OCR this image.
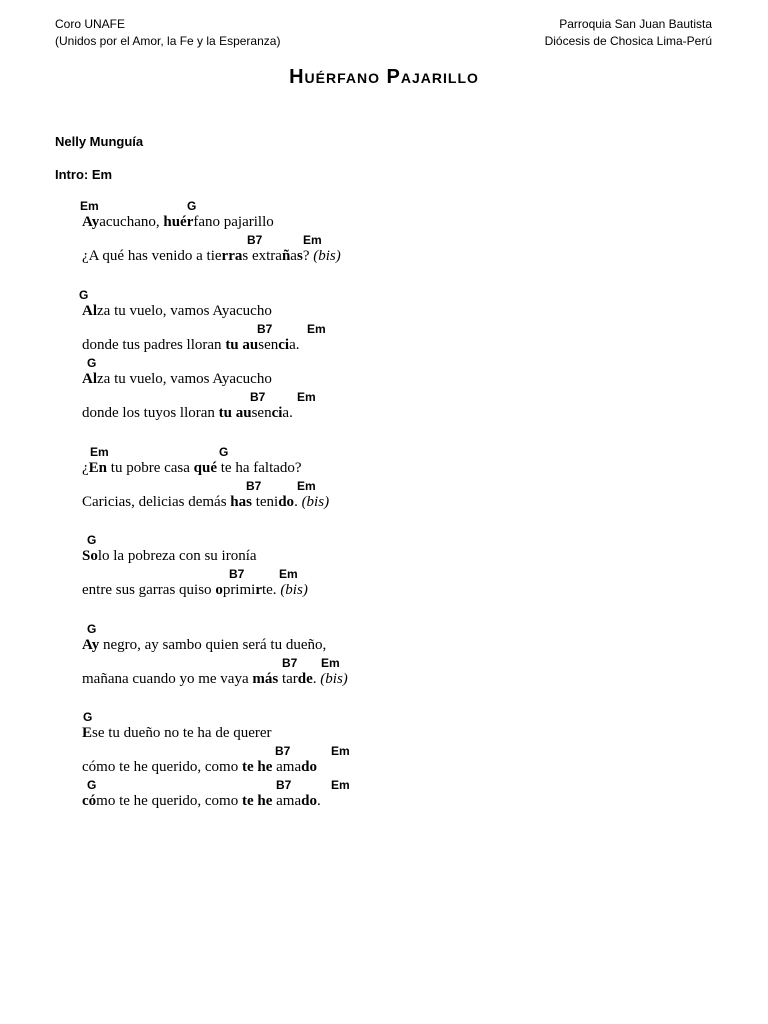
Coro UNAFE
(Unidos por el Amor, la Fe y la Esperanza)
Parroquia San Juan Bautista
Diócesis de Chosica Lima-Perú
Huérfano Pajarillo
Nelly Munguía
Intro: Em
Em	G
Ayacuchano, huérfano pajarillo
B7	Em
¿A qué has venido a tierras extrañas? (bis)
G
Alza tu vuelo, vamos Ayacucho
B7	Em
donde tus padres lloran tu ausencia.
G
Alza tu vuelo, vamos Ayacucho
B7	Em
donde los tuyos lloran tu ausencia.
Em	G
¿En tu pobre casa qué te ha faltado?
B7	Em
Caricias, delicias demás has tenido. (bis)
G
Solo la pobreza con su ironía
B7	Em
entre sus garras quiso oprimirte. (bis)
G
Ay negro, ay sambo quien será tu dueño,
B7 Em
mañana cuando yo me vaya más tarde. (bis)
G
Ese tu dueño no te ha de querer
B7	Em
cómo te he querido, como te he amado
G	B7	Em
cómo te he querido, como te he amado.
